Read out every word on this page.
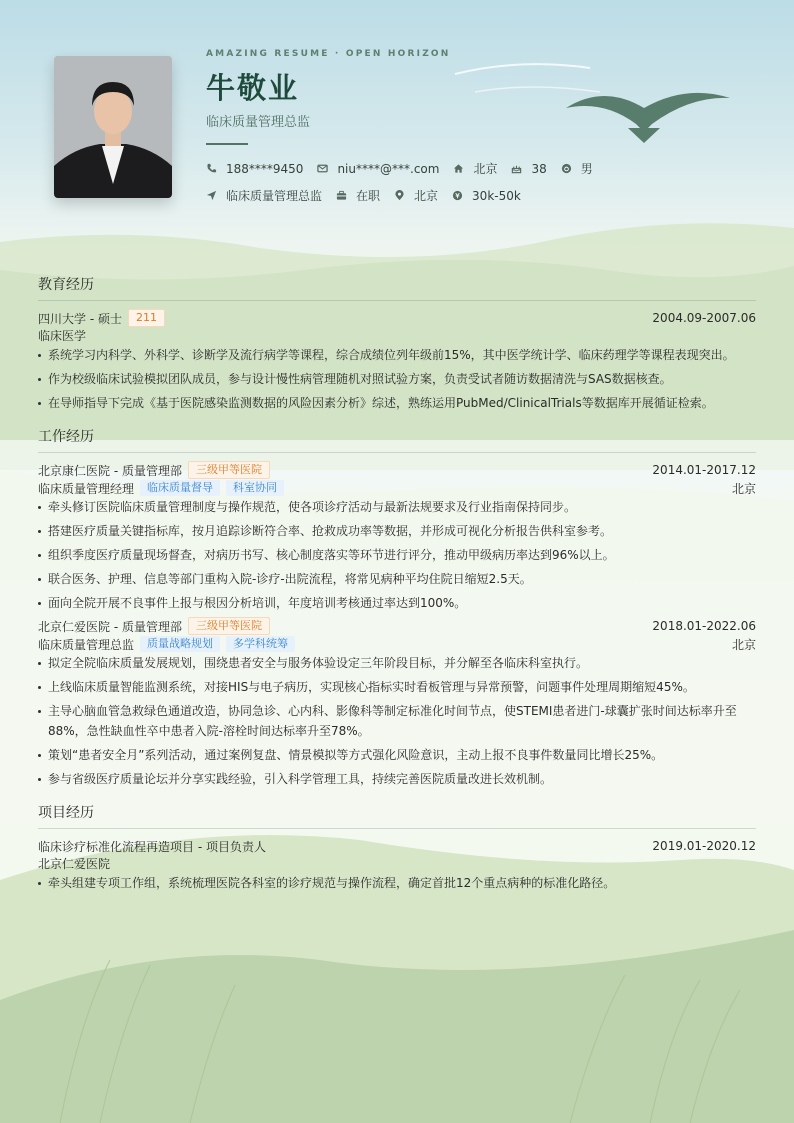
AMAZING RESUME · OPEN HORIZON
牛敬业
临床质量管理总监
188****9450	niu****@***.com	北京	38	男
临床质量管理总监	在职	北京	30k-50k
教育经历
四川大学 - 硕士	211	2004.09-2007.06
临床医学
系统学习内科学、外科学、诊断学及流行病学等课程，综合成绩位列年级前15%，其中医学统计学、临床药理学等课程表现突出。
作为校级临床试验模拟团队成员，参与设计慢性病管理随机对照试验方案，负责受试者随访数据清洗与SAS数据核查。
在导师指导下完成《基于医院感染监测数据的风险因素分析》综述，熟练运用PubMed/ClinicalTrials等数据库开展循证检索。
工作经历
北京康仁医院 - 质量管理部	三级甲等医院	2014.01-2017.12
临床质量管理经理	临床质量督导	科室协同	北京
牵头修订医院临床质量管理制度与操作规范，使各项诊疗活动与最新法规要求及行业指南保持同步。
搭建医疗质量关键指标库，按月追踪诊断符合率、抢救成功率等数据，并形成可视化分析报告供科室参考。
组织季度医疗质量现场督查，对病历书写、核心制度落实等环节进行评分，推动甲级病历率达到96%以上。
联合医务、护理、信息等部门重构入院-诊疗-出院流程，将常见病种平均住院日缩短2.5天。
面向全院开展不良事件上报与根因分析培训，年度培训考核通过率达到100%。
北京仁爱医院 - 质量管理部	三级甲等医院	2018.01-2022.06
临床质量管理总监	质量战略规划	多学科统筹	北京
拟定全院临床质量发展规划，围绕患者安全与服务体验设定三年阶段目标，并分解至各临床科室执行。
上线临床质量智能监测系统，对接HIS与电子病历，实现核心指标实时看板管理与异常预警，问题事件处理周期缩短45%。
主导心脑血管急救绿色通道改造，协同急诊、心内科、影像科等制定标准化时间节点，使STEMI患者进门-球囊扩张时间达标率升至88%，急性缺血性卒中患者入院-溶栓时间达标率升至78%。
策划“患者安全月”系列活动，通过案例复盘、情景模拟等方式强化风险意识，主动上报不良事件数量同比增长25%。
参与省级医疗质量论坛并分享实践经验，引入科学管理工具，持续完善医院质量改进长效机制。
项目经历
临床诊疗标准化流程再造项目 - 项目负责人	2019.01-2020.12
北京仁爱医院
牵头组建专项工作组，系统梳理医院各科室的诊疗规范与操作流程，确定首批12个重点病种的标准化路径。
